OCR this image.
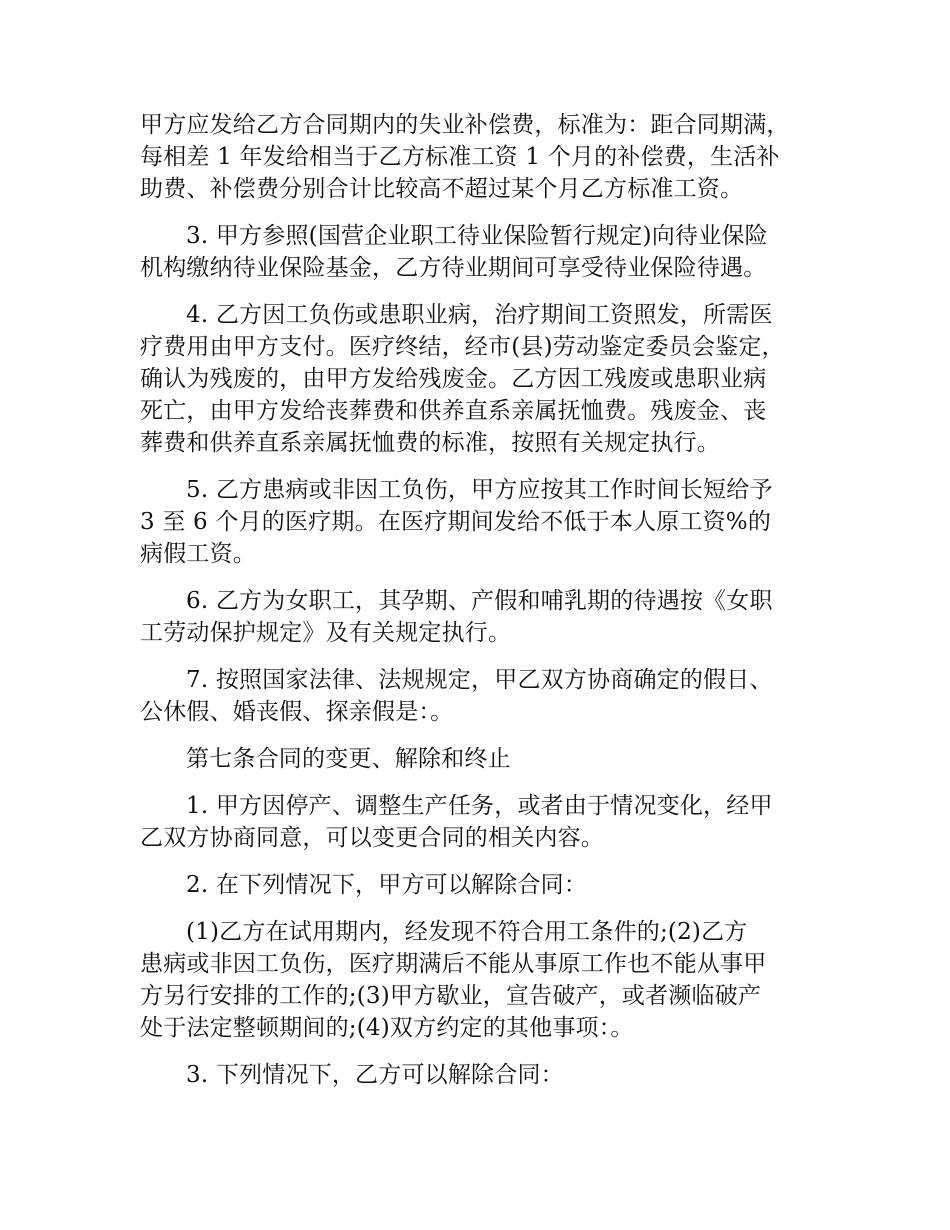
甲方应发给乙方合同期内的失业补偿费，标准为：距合同期满，
每相差 1 年发给相当于乙方标准工资 1 个月的补偿费，生活补
助费、补偿费分别合计比较高不超过某个月乙方标准工资。

3. 甲方参照(国营企业职工待业保险暂行规定)向待业保险
机构缴纳待业保险基金，乙方待业期间可享受待业保险待遇。

4. 乙方因工负伤或患职业病，治疗期间工资照发，所需医
疗费用由甲方支付。医疗终结，经市(县)劳动鉴定委员会鉴定，
确认为残废的，由甲方发给残废金。乙方因工残废或患职业病
死亡，由甲方发给丧葬费和供养直系亲属抚恤费。残废金、丧
葬费和供养直系亲属抚恤费的标准，按照有关规定执行。

5. 乙方患病或非因工负伤，甲方应按其工作时间长短给予
3 至 6 个月的医疗期。在医疗期间发给不低于本人原工资%的
病假工资。

6. 乙方为女职工，其孕期、产假和哺乳期的待遇按《女职
工劳动保护规定》及有关规定执行。

7. 按照国家法律、法规规定，甲乙双方协商确定的假日、
公休假、婚丧假、探亲假是：。

第七条合同的变更、解除和终止

1. 甲方因停产、调整生产任务，或者由于情况变化，经甲
乙双方协商同意，可以变更合同的相关内容。

2. 在下列情况下，甲方可以解除合同：

(1)乙方在试用期内，经发现不符合用工条件的;(2)乙方
患病或非因工负伤，医疗期满后不能从事原工作也不能从事甲
方另行安排的工作的;(3)甲方歇业，宣告破产，或者濒临破产
处于法定整顿期间的;(4)双方约定的其他事项：。

3. 下列情况下，乙方可以解除合同：
